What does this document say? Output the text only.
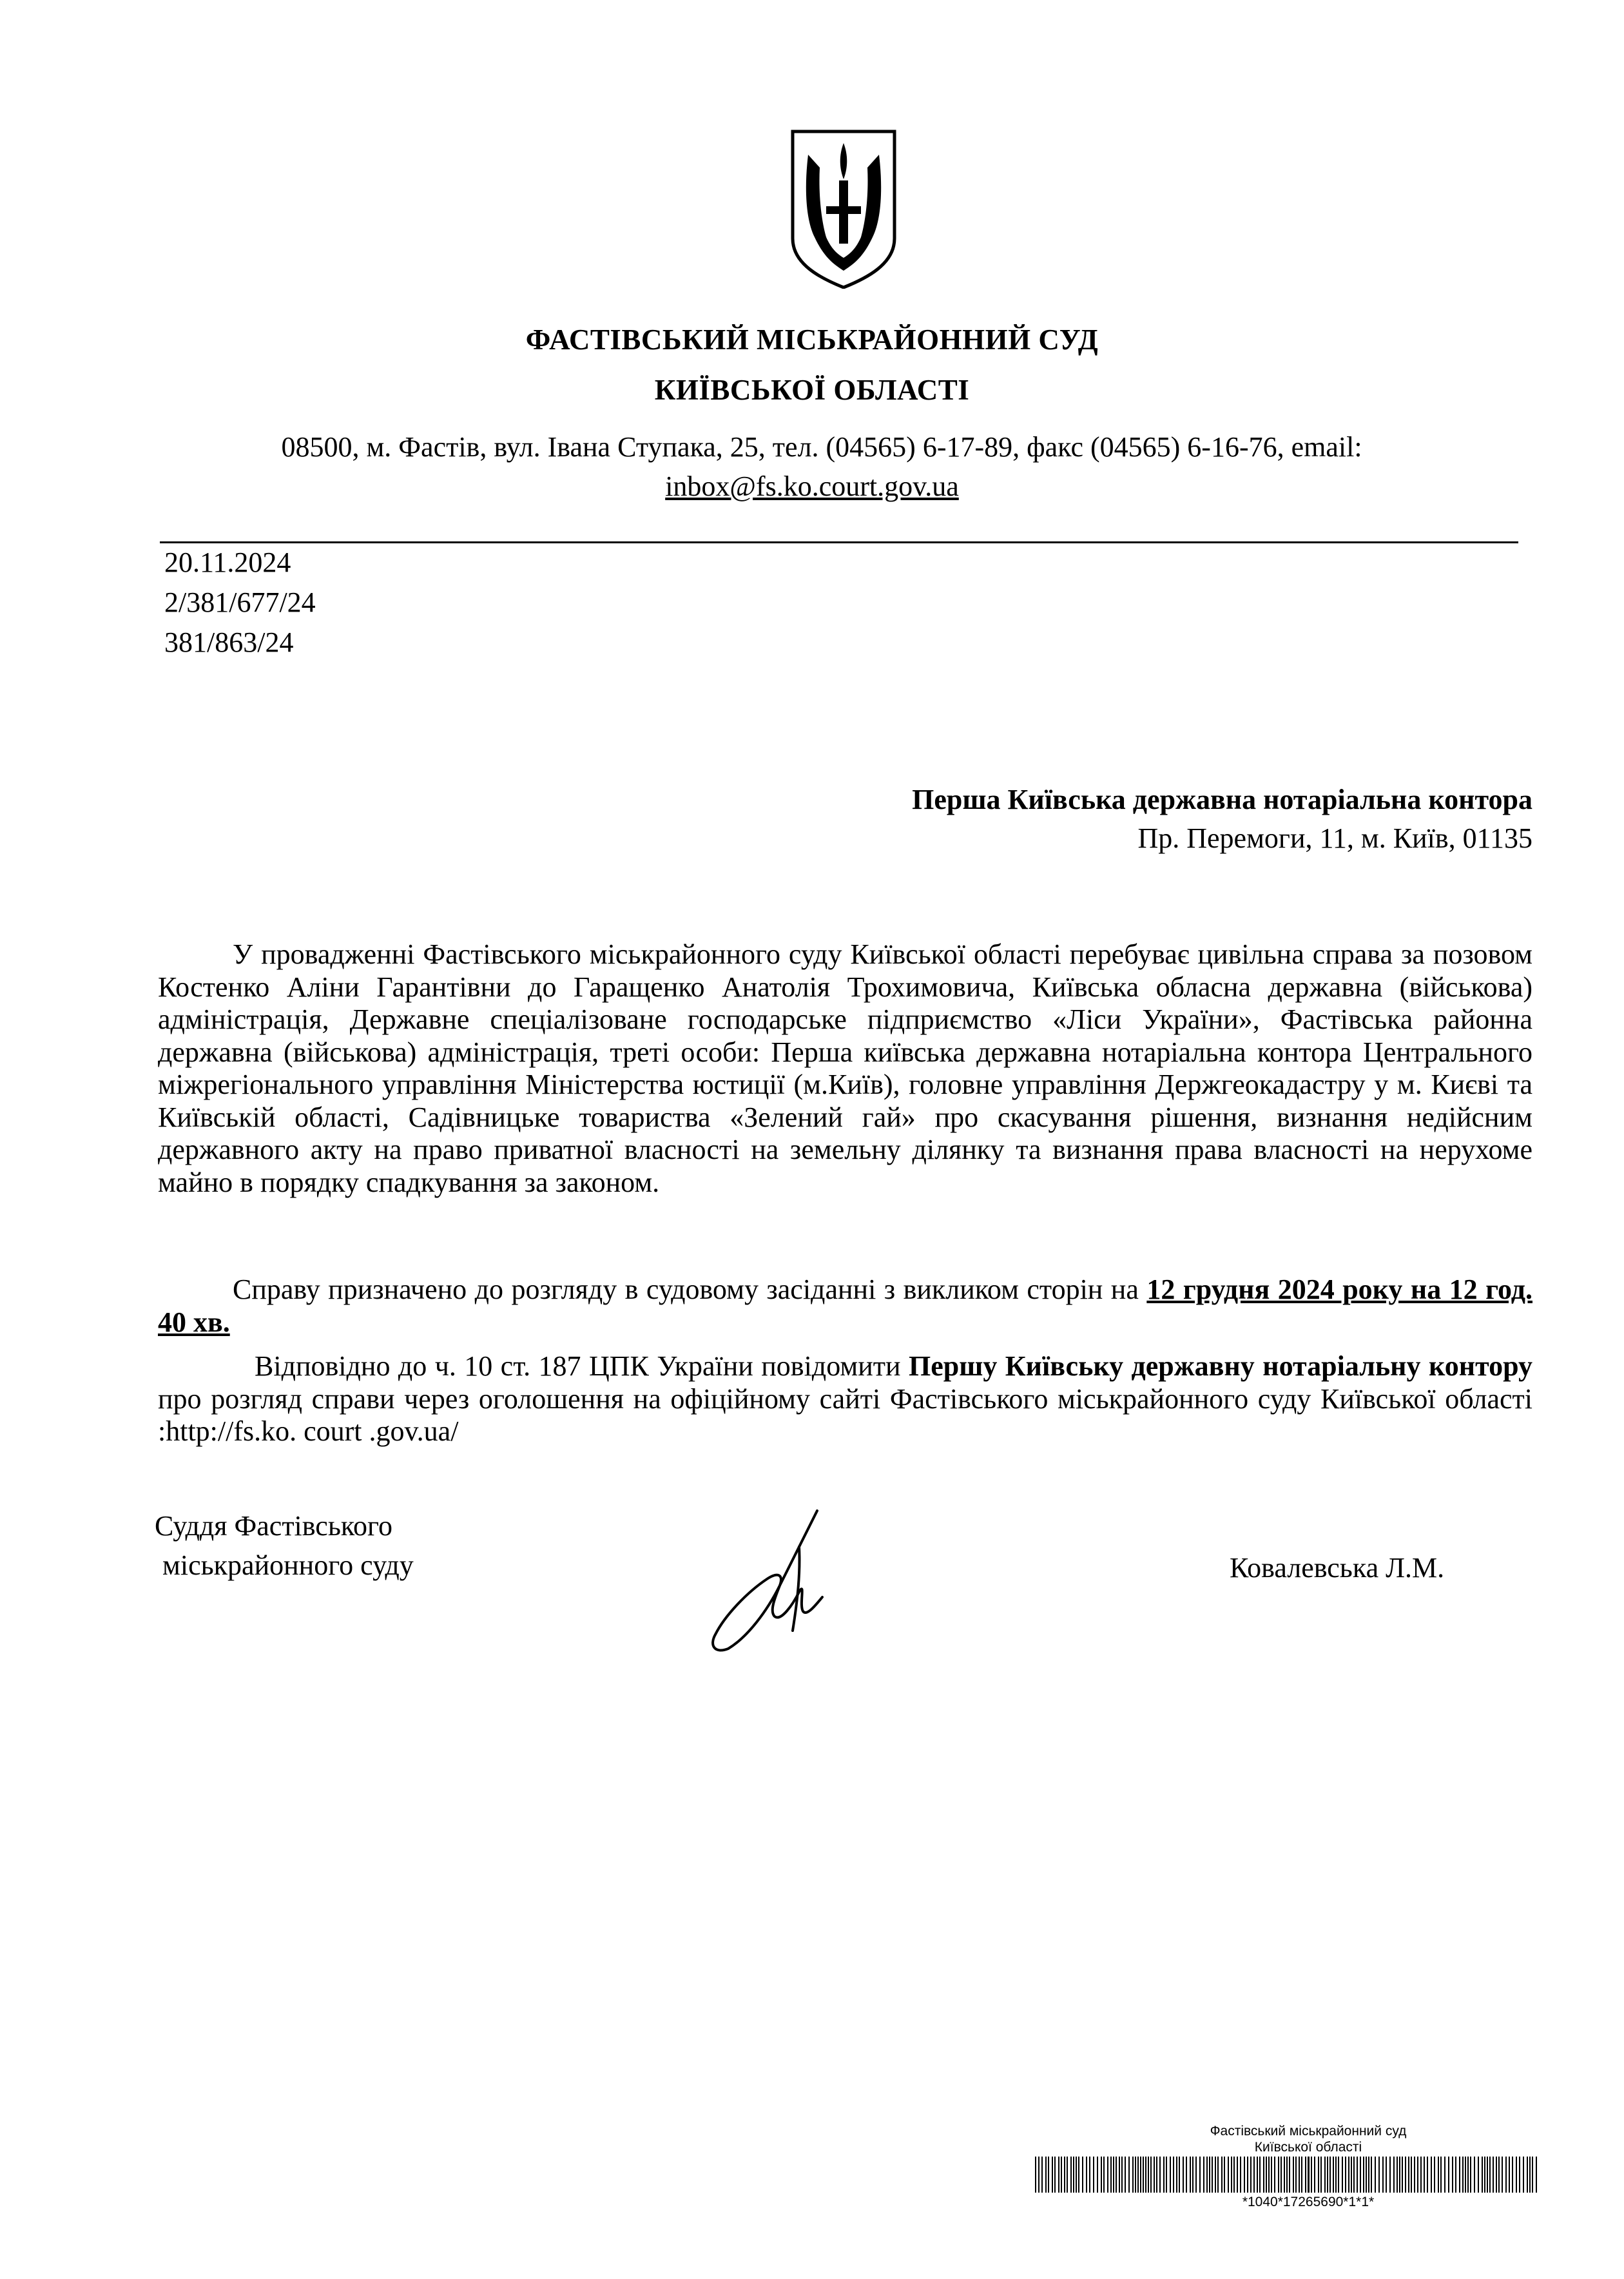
ФАСТІВСЬКИЙ МІСЬКРАЙОННИЙ СУД
КИЇВСЬКОЇ ОБЛАСТІ
08500, м. Фастів, вул. Івана Ступака, 25, тел. (04565) 6-17-89, факс (04565) 6-16-76, email:
inbox@fs.ko.court.gov.ua
20.11.2024
2/381/677/24
381/863/24
Перша Київська державна нотаріальна контора
Пр. Перемоги, 11, м. Київ, 01135

У провадженні Фастівського міськрайонного суду Київської області перебуває цивільна справа за позовом Костенко Аліни Гарантівни до Гаращенко Анатолія Трохимовича, Київська обласна державна (військова) адміністрація, Державне спеціалізоване господарське підприємство «Ліси України», Фастівська районна державна (військова) адміністрація, треті особи: Перша київська державна нотаріальна контора Центрального міжрегіонального управління Міністерства юстиції (м.Київ), головне управління Держгеокадастру у м. Києві та Київській області, Садівницьке товариства «Зелений гай» про скасування рішення, визнання недійсним державного акту на право приватної власності на земельну ділянку та визнання права власності на нерухоме майно в порядку спадкування за законом.

Справу призначено до розгляду в судовому засіданні з викликом сторін на 12 грудня 2024 року на 12 год. 40 хв.

Відповідно до ч. 10 ст. 187 ЦПК України повідомити Першу Київську державну нотаріальну контору про розгляд справи через оголошення на офіційному сайті Фастівського міськрайонного суду Київської області :http://fs.ko. court .gov.ua/

Суддя Фастівського
міськрайонного суду	Ковалевська Л.М.
Фастівський міськрайонний суд
Київської області
*1040*17265690*1*1*
